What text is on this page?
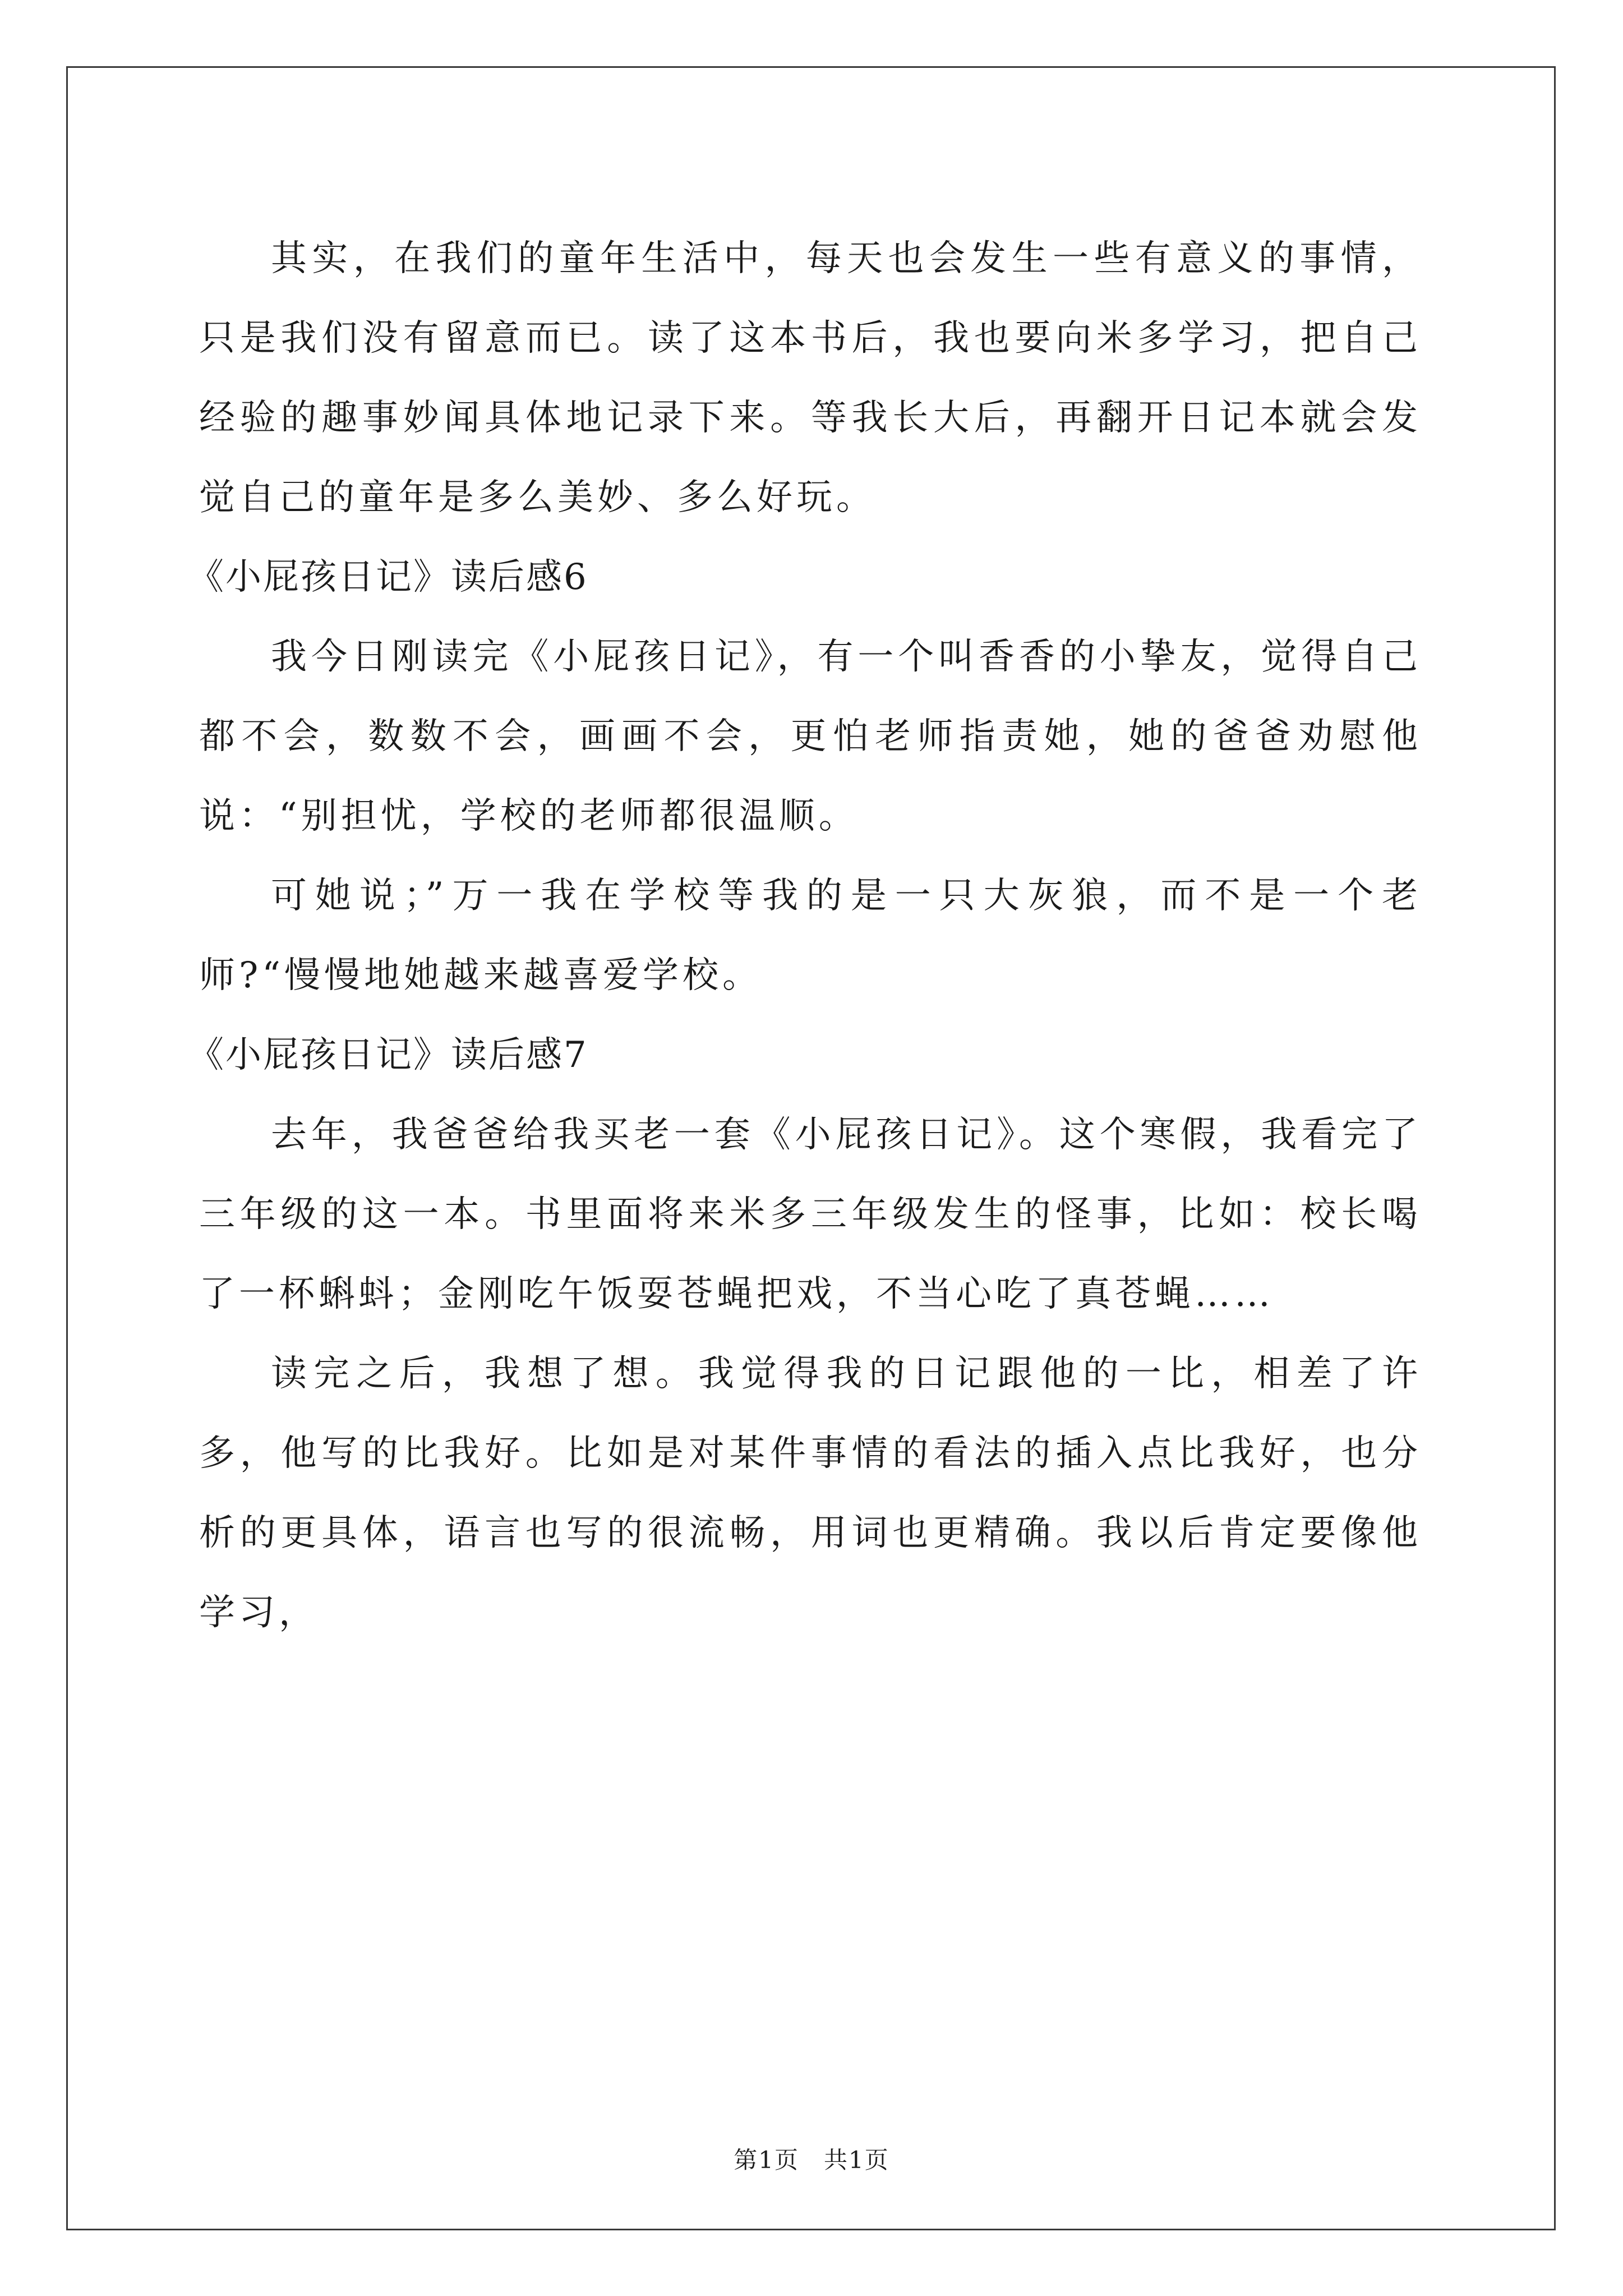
其实，在我们的童年生活中，每天也会发生一些有意义的事情，只是我们没有留意而已。读了这本书后，我也要向米多学习，把自己经验的趣事妙闻具体地记录下来。等我长大后，再翻开日记本就会发觉自己的童年是多么美妙、多么好玩。

《小屁孩日记》读后感6

我今日刚读完《小屁孩日记》，有一个叫香香的小挚友，觉得自己都不会，数数不会，画画不会，更怕老师指责她，她的爸爸劝慰他说：“别担忧，学校的老师都很温顺。

可她说；”万一我在学校等我的是一只大灰狼，而不是一个老师?“慢慢地她越来越喜爱学校。

《小屁孩日记》读后感7

去年，我爸爸给我买老一套《小屁孩日记》。这个寒假，我看完了三年级的这一本。书里面将来米多三年级发生的怪事，比如：校长喝了一杯蝌蚪；金刚吃午饭耍苍蝇把戏，不当心吃了真苍蝇……

读完之后，我想了想。我觉得我的日记跟他的一比，相差了许多，他写的比我好。比如是对某件事情的看法的插入点比我好，也分析的更具体，语言也写的很流畅，用词也更精确。我以后肯定要像他学习，

第1页　共1页
